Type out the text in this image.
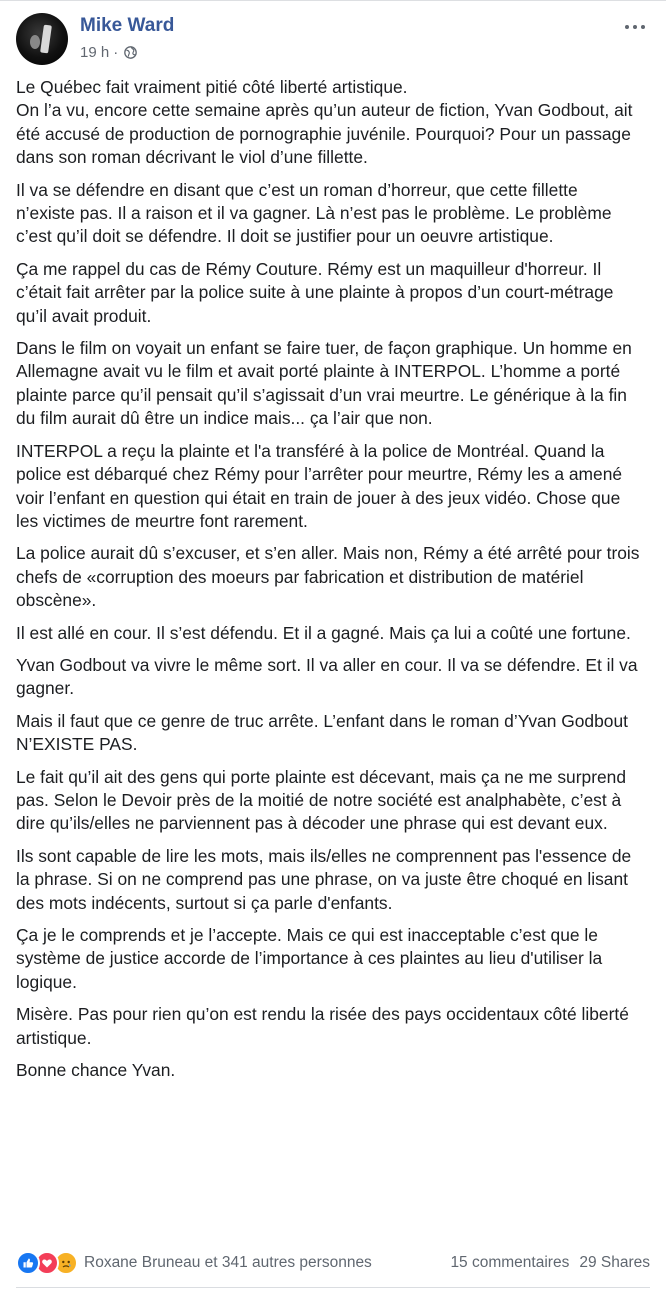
Mike Ward
19 h ·

Le Québec fait vraiment pitié côté liberté artistique.
On l’a vu, encore cette semaine après qu’un auteur de fiction, Yvan Godbout, ait été accusé de production de pornographie juvénile. Pourquoi? Pour un passage dans son roman décrivant le viol d’une fillette.

Il va se défendre en disant que c’est un roman d’horreur, que cette fillette n’existe pas. Il a raison et il va gagner. Là n’est pas le problème. Le problème c’est qu’il doit se défendre. Il doit se justifier pour un oeuvre artistique.

Ça me rappel du cas de Rémy Couture. Rémy est un maquilleur d'horreur. Il c’était fait arrêter par la police suite à une plainte à propos d’un court-métrage qu’il avait produit.

Dans le film on voyait un enfant se faire tuer, de façon graphique. Un homme en Allemagne avait vu le film et avait porté plainte à INTERPOL. L’homme a porté plainte parce qu’il pensait qu’il s’agissait d’un vrai meurtre. Le générique à la fin du film aurait dû être un indice mais... ça l’air que non.

INTERPOL a reçu la plainte et l'a transféré à la police de Montréal. Quand la police est débarqué chez Rémy pour l’arrêter pour meurtre, Rémy les a amené voir l’enfant en question qui était en train de jouer à des jeux vidéo. Chose que les victimes de meurtre font rarement.

La police aurait dû s’excuser, et s’en aller. Mais non, Rémy a été arrêté pour trois chefs de «corruption des moeurs par fabrication et distribution de matériel obscène».

Il est allé en cour. Il s’est défendu. Et il a gagné. Mais ça lui a coûté une fortune.

Yvan Godbout va vivre le même sort. Il va aller en cour. Il va se défendre. Et il va gagner.

Mais il faut que ce genre de truc arrête. L’enfant dans le roman d’Yvan Godbout N’EXISTE PAS.

Le fait qu’il ait des gens qui porte plainte est décevant, mais ça ne me surprend pas. Selon le Devoir près de la moitié de notre société est analphabète, c’est à dire qu’ils/elles ne parviennent pas à décoder une phrase qui est devant eux.

Ils sont capable de lire les mots, mais ils/elles ne comprennent pas l'essence de la phrase. Si on ne comprend pas une phrase, on va juste être choqué en lisant des mots indécents, surtout si ça parle d'enfants.

Ça je le comprends et je l’accepte. Mais ce qui est inacceptable c’est que le système de justice accorde de l’importance à ces plaintes au lieu d'utiliser la logique.

Misère. Pas pour rien qu’on est rendu la risée des pays occidentaux côté liberté artistique.

Bonne chance Yvan.

Roxane Bruneau et 341 autres personnes	15 commentaires 29 Shares
